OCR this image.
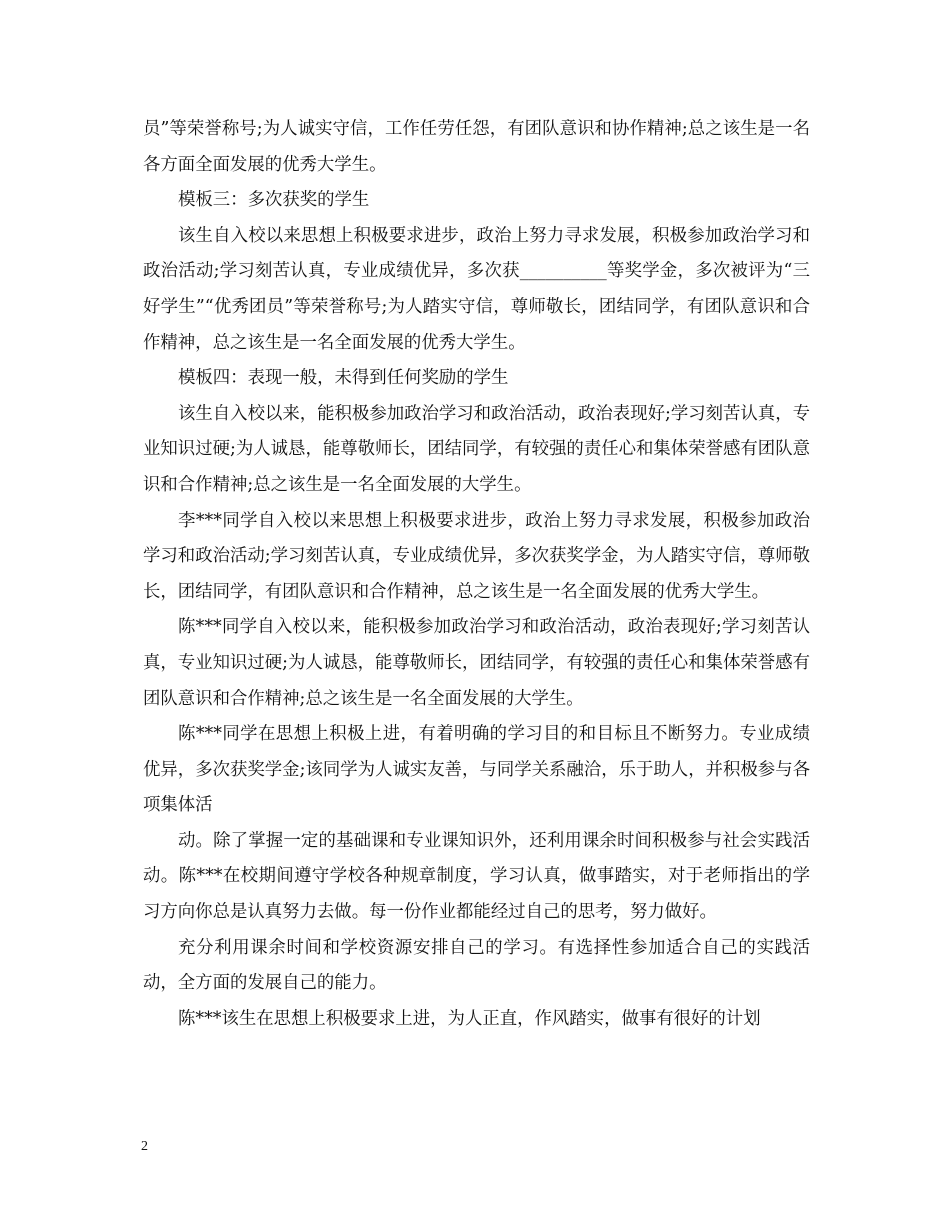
员”等荣誉称号;为人诚实守信，工作任劳任怨，有团队意识和协作精神;总之该生是一名各方面全面发展的优秀大学生。

模板三：多次获奖的学生

该生自入校以来思想上积极要求进步，政治上努力寻求发展，积极参加政治学习和政治活动;学习刻苦认真，专业成绩优异，多次获__________等奖学金，多次被评为“三好学生”“优秀团员”等荣誉称号;为人踏实守信，尊师敬长，团结同学，有团队意识和合作精神，总之该生是一名全面发展的优秀大学生。

模板四：表现一般，未得到任何奖励的学生

该生自入校以来，能积极参加政治学习和政治活动，政治表现好;学习刻苦认真，专业知识过硬;为人诚恳，能尊敬师长，团结同学，有较强的责任心和集体荣誉感有团队意识和合作精神;总之该生是一名全面发展的大学生。

李***同学自入校以来思想上积极要求进步，政治上努力寻求发展，积极参加政治学习和政治活动;学习刻苦认真，专业成绩优异，多次获奖学金，为人踏实守信，尊师敬长，团结同学，有团队意识和合作精神，总之该生是一名全面发展的优秀大学生。

陈***同学自入校以来，能积极参加政治学习和政治活动，政治表现好;学习刻苦认真，专业知识过硬;为人诚恳，能尊敬师长，团结同学，有较强的责任心和集体荣誉感有团队意识和合作精神;总之该生是一名全面发展的大学生。

陈***同学在思想上积极上进，有着明确的学习目的和目标且不断努力。专业成绩优异，多次获奖学金;该同学为人诚实友善，与同学关系融洽，乐于助人，并积极参与各项集体活

动。除了掌握一定的基础课和专业课知识外，还利用课余时间积极参与社会实践活动。陈***在校期间遵守学校各种规章制度，学习认真，做事踏实，对于老师指出的学习方向你总是认真努力去做。每一份作业都能经过自己的思考，努力做好。

充分利用课余时间和学校资源安排自己的学习。有选择性参加适合自己的实践活动，全方面的发展自己的能力。

陈***该生在思想上积极要求上进，为人正直，作风踏实，做事有很好的计划

2
